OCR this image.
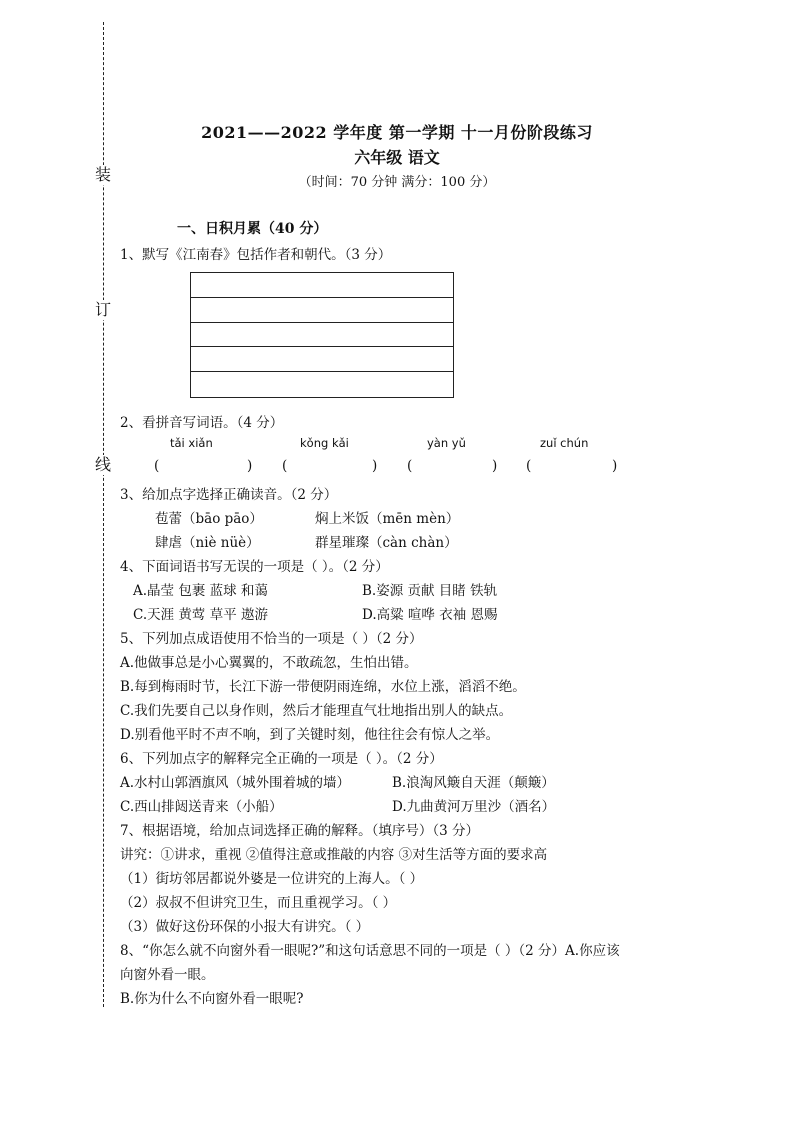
装
订
线
2021——2022 学年度 第一学期 十一月份阶段练习
六年级 语文
（时间：70 分钟 满分：100 分）
一、日积月累（40 分）
1、默写《江南春》包括作者和朝代。（3 分）
2、看拼音写词语。（4 分）
tǎi xiǎn	kǒng kǎi	yàn yǔ	zuǐ chún
(	) (	) (	) (	)
3、给加点字选择正确读音。（2 分）
苞蕾（bāo pāo）	焖上米饭（mēn mèn）
肆虐（niè nüè）	群星璀璨（càn chàn）
4、下面词语书写无误的一项是（ ）。（2 分）
A.晶莹 包裹 蓝球 和蔼	B.姿源 贡献 目睹 铁轨
C.天涯 黄莺 草平 遨游	D.高粱 喧哗 衣袖 恩赐
5、下列加点成语使用不恰当的一项是（ ）（2 分）
A.他做事总是小心翼翼的，不敢疏忽，生怕出错。
B.每到梅雨时节，长江下游一带便阴雨连绵，水位上涨，滔滔不绝。
C.我们先要自己以身作则，然后才能理直气壮地指出别人的缺点。
D.别看他平时不声不响，到了关键时刻，他往往会有惊人之举。
6、下列加点字的解释完全正确的一项是（ ）。（2 分）
A.水村山郭酒旗风（城外围着城的墙）	B.浪淘风簸自天涯（颠簸）
C.西山排闼送青来（小船）	D.九曲黄河万里沙（酒名）
7、根据语境，给加点词选择正确的解释。（填序号）（3 分）
讲究：①讲求，重视 ②值得注意或推敲的内容 ③对生活等方面的要求高
（1）街坊邻居都说外婆是一位讲究的上海人。（ ）
（2）叔叔不但讲究卫生，而且重视学习。（ ）
（3）做好这份环保的小报大有讲究。（ ）
8、“你怎么就不向窗外看一眼呢?”和这句话意思不同的一项是（ ）（2 分）A.你应该
向窗外看一眼。
B.你为什么不向窗外看一眼呢?
